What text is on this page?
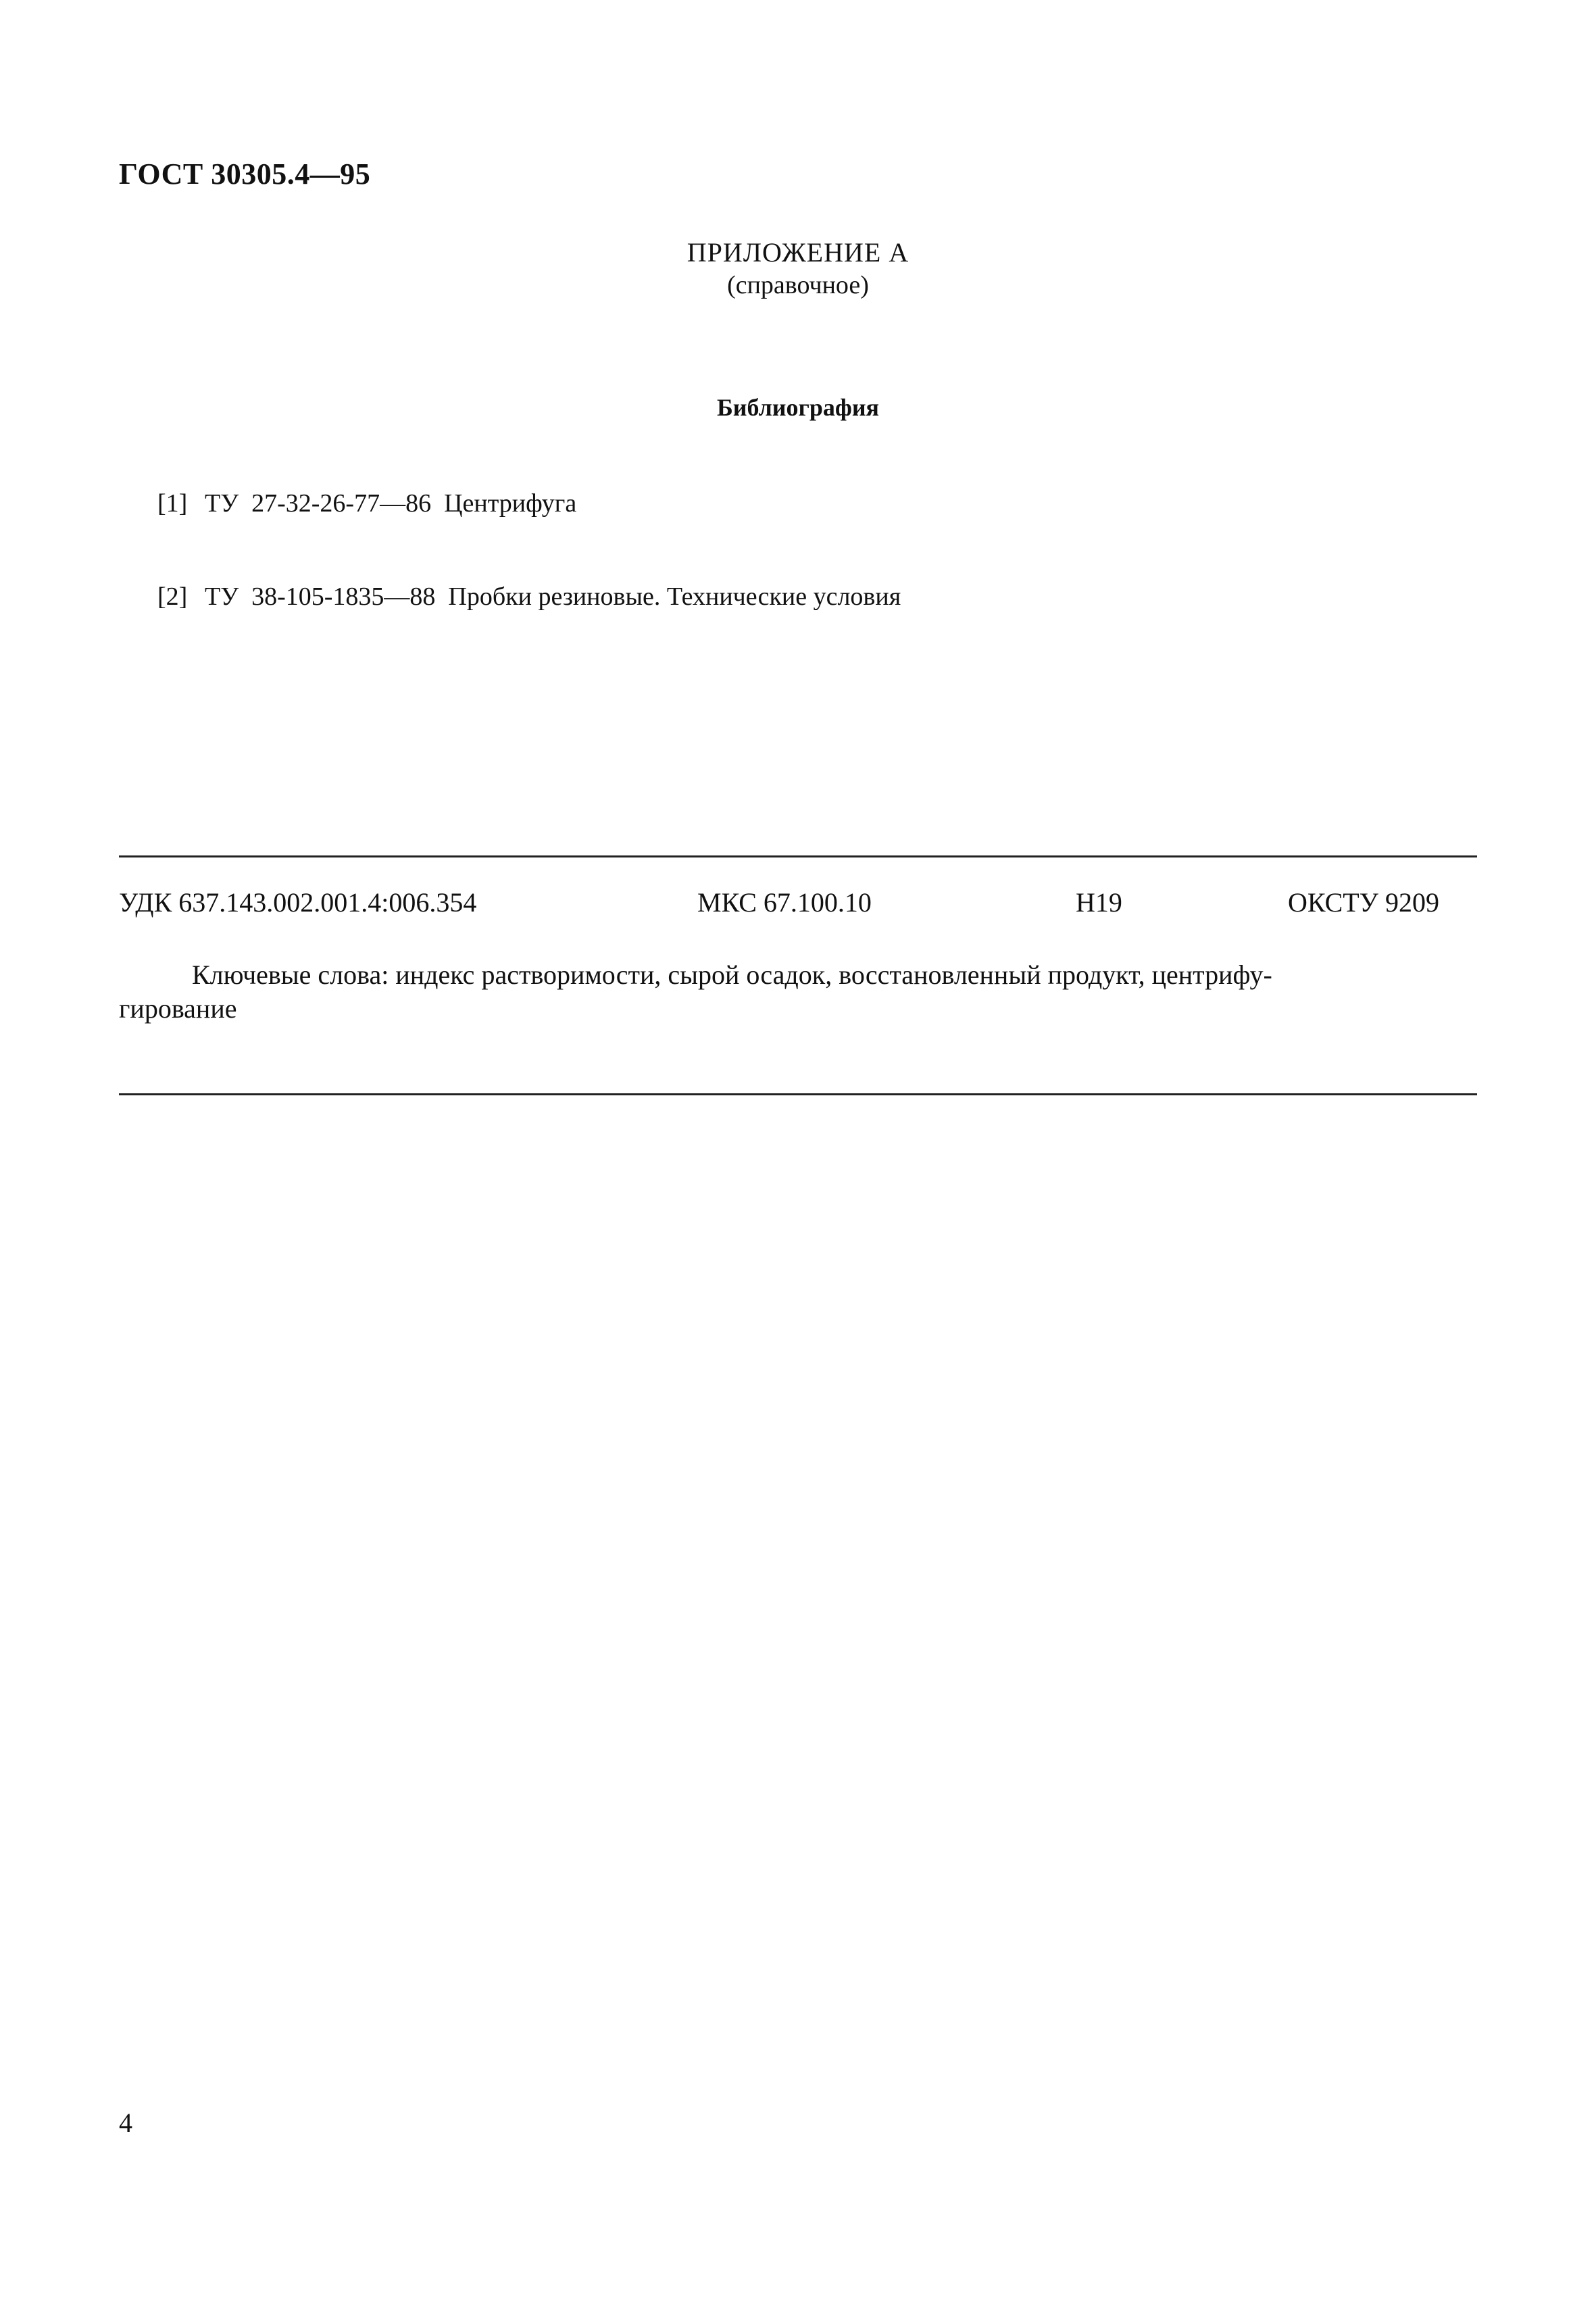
ГОСТ 30305.4—95
ПРИЛОЖЕНИЕ А
(справочное)
Библиография

[1] ТУ  27-32-26-77—86  Центрифуга

[2] ТУ  38-105-1835—88  Пробки резиновые. Технические условия

УДК 637.143.002.001.4:006.354	МКС 67.100.10	Н19	ОКСТУ 9209
Ключевые слова: индекс растворимости, сырой осадок, восстановленный продукт, центрифу-
гирование
4
